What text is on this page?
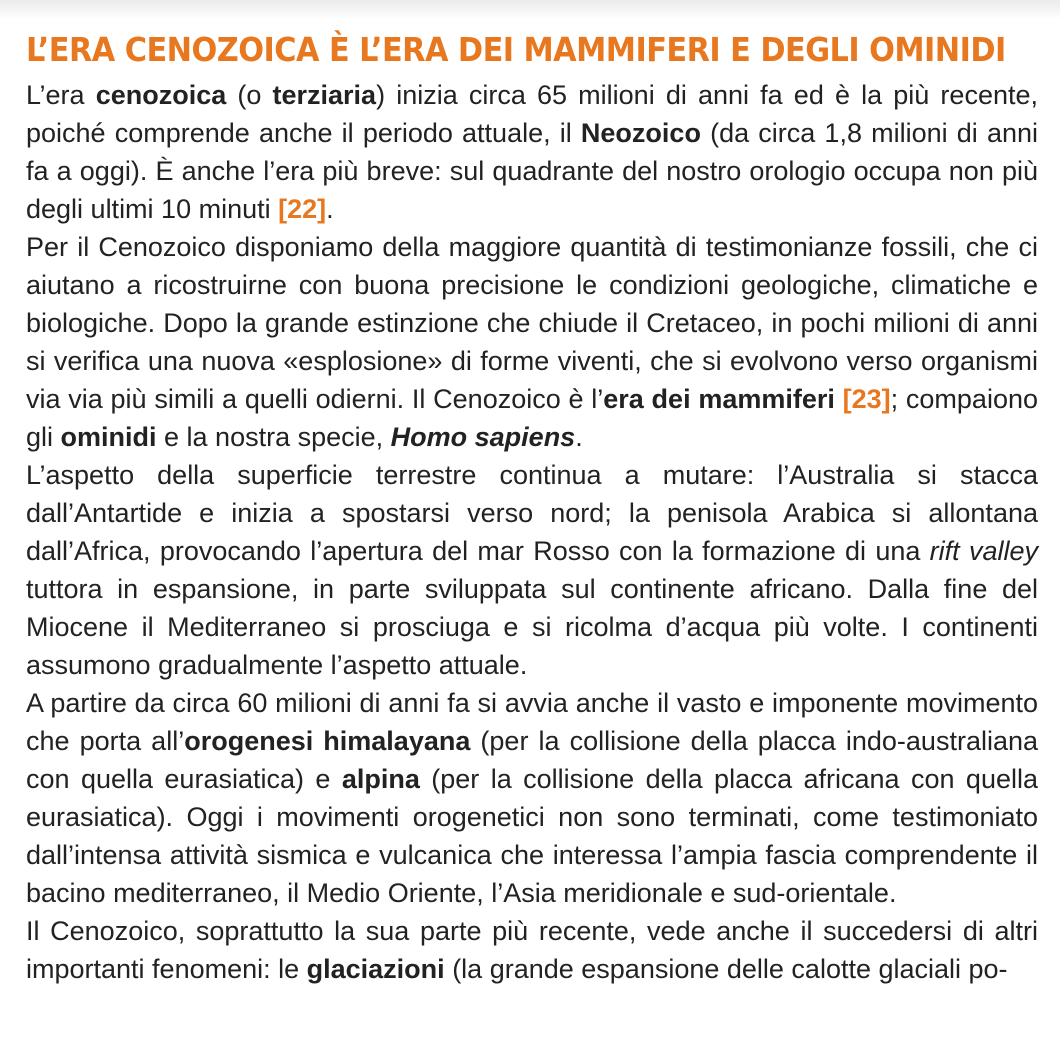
L’ERA CENOZOICA È L’ERA DEI MAMMIFERI E DEGLI OMINIDI

L’era cenozoica (o terziaria) inizia circa 65 milioni di anni fa ed è la più recente, poiché comprende anche il periodo attuale, il Neozoico (da circa 1,8 milioni di anni fa a oggi). È anche l’era più breve: sul quadrante del nostro orologio occupa non più degli ultimi 10 minuti [22].

Per il Cenozoico disponiamo della maggiore quantità di testimonianze fossili, che ci aiutano a ricostruirne con buona precisione le condizioni geologiche, climatiche e biologiche. Dopo la grande estinzione che chiude il Cretaceo, in pochi milioni di anni si verifica una nuova «esplosione» di forme viventi, che si evolvono verso organismi via via più simili a quelli odierni. Il Cenozoico è l’era dei mammiferi [23]; compaiono gli ominidi e la nostra specie, Homo sapiens.

L’aspetto della superficie terrestre continua a mutare: l’Australia si stacca dall’Antartide e inizia a spostarsi verso nord; la penisola Arabica si allontana dall’Africa, provocando l’apertura del mar Rosso con la formazione di una rift valley tuttora in espansione, in parte sviluppata sul continente africano. Dalla fine del Miocene il Mediterraneo si prosciuga e si ricolma d’acqua più volte. I continenti assumono gradualmente l’aspetto attuale.

A partire da circa 60 milioni di anni fa si avvia anche il vasto e imponente movimento che porta all’orogenesi himalayana (per la collisione della placca indo-australiana con quella eurasiatica) e alpina (per la collisione della placca africana con quella eurasiatica). Oggi i movimenti orogenetici non sono terminati, come testimoniato dall’intensa attività sismica e vulcanica che interessa l’ampia fascia comprendente il bacino mediterraneo, il Medio Oriente, l’Asia meridionale e sud-orientale.

Il Cenozoico, soprattutto la sua parte più recente, vede anche il succedersi di altri importanti fenomeni: le glaciazioni (la grande espansione delle calotte glaciali po-
